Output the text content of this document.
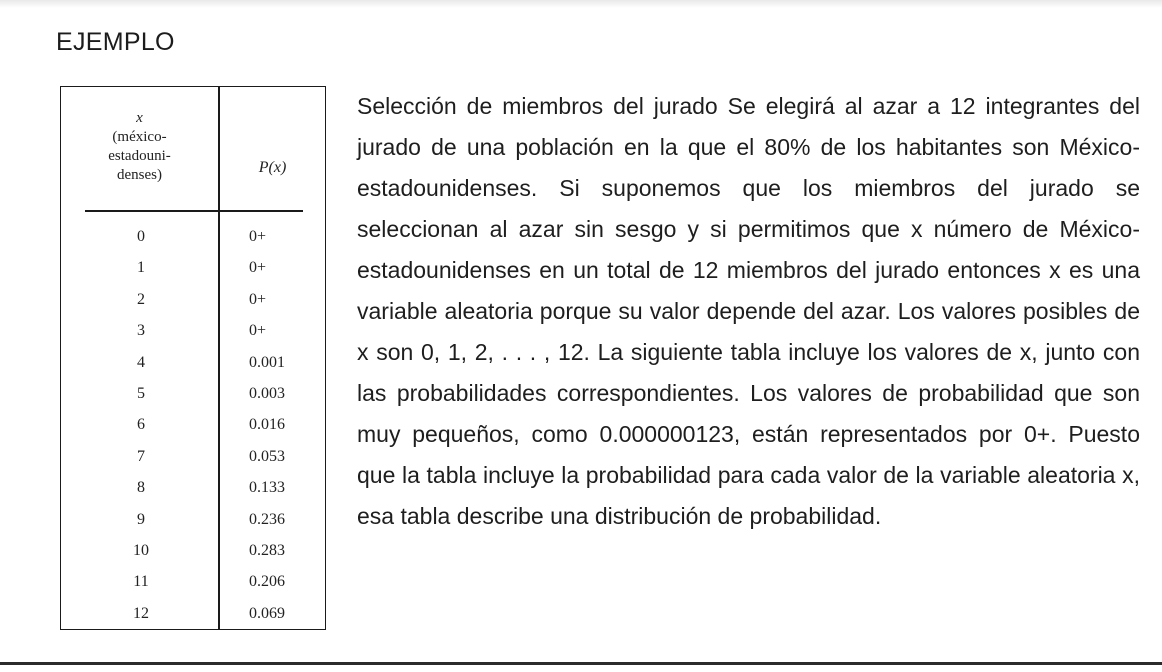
EJEMPLO
x
(méxico-
estadouni-
denses)	P(x)
0	0+
1	0+
2	0+
3	0+
4	0.001
5	0.003
6	0.016
7	0.053
8	0.133
9	0.236
10	0.283
11	0.206
12	0.069

Selección de miembros del jurado Se elegirá al azar a 12 integrantes del jurado de una población en la que el 80% de los habitantes son México-estadounidenses. Si suponemos que los miembros del jurado se seleccionan al azar sin sesgo y si permitimos que x número de México-estadounidenses en un total de 12 miembros del jurado entonces x es una variable aleatoria porque su valor depende del azar. Los valores posibles de x son 0, 1, 2, . . . , 12. La siguiente tabla incluye los valores de x, junto con las probabilidades correspondientes. Los valores de probabilidad que son muy pequeños, como 0.000000123, están representados por 0+. Puesto que la tabla incluye la probabilidad para cada valor de la variable aleatoria x, esa tabla describe una distribución de probabilidad.
